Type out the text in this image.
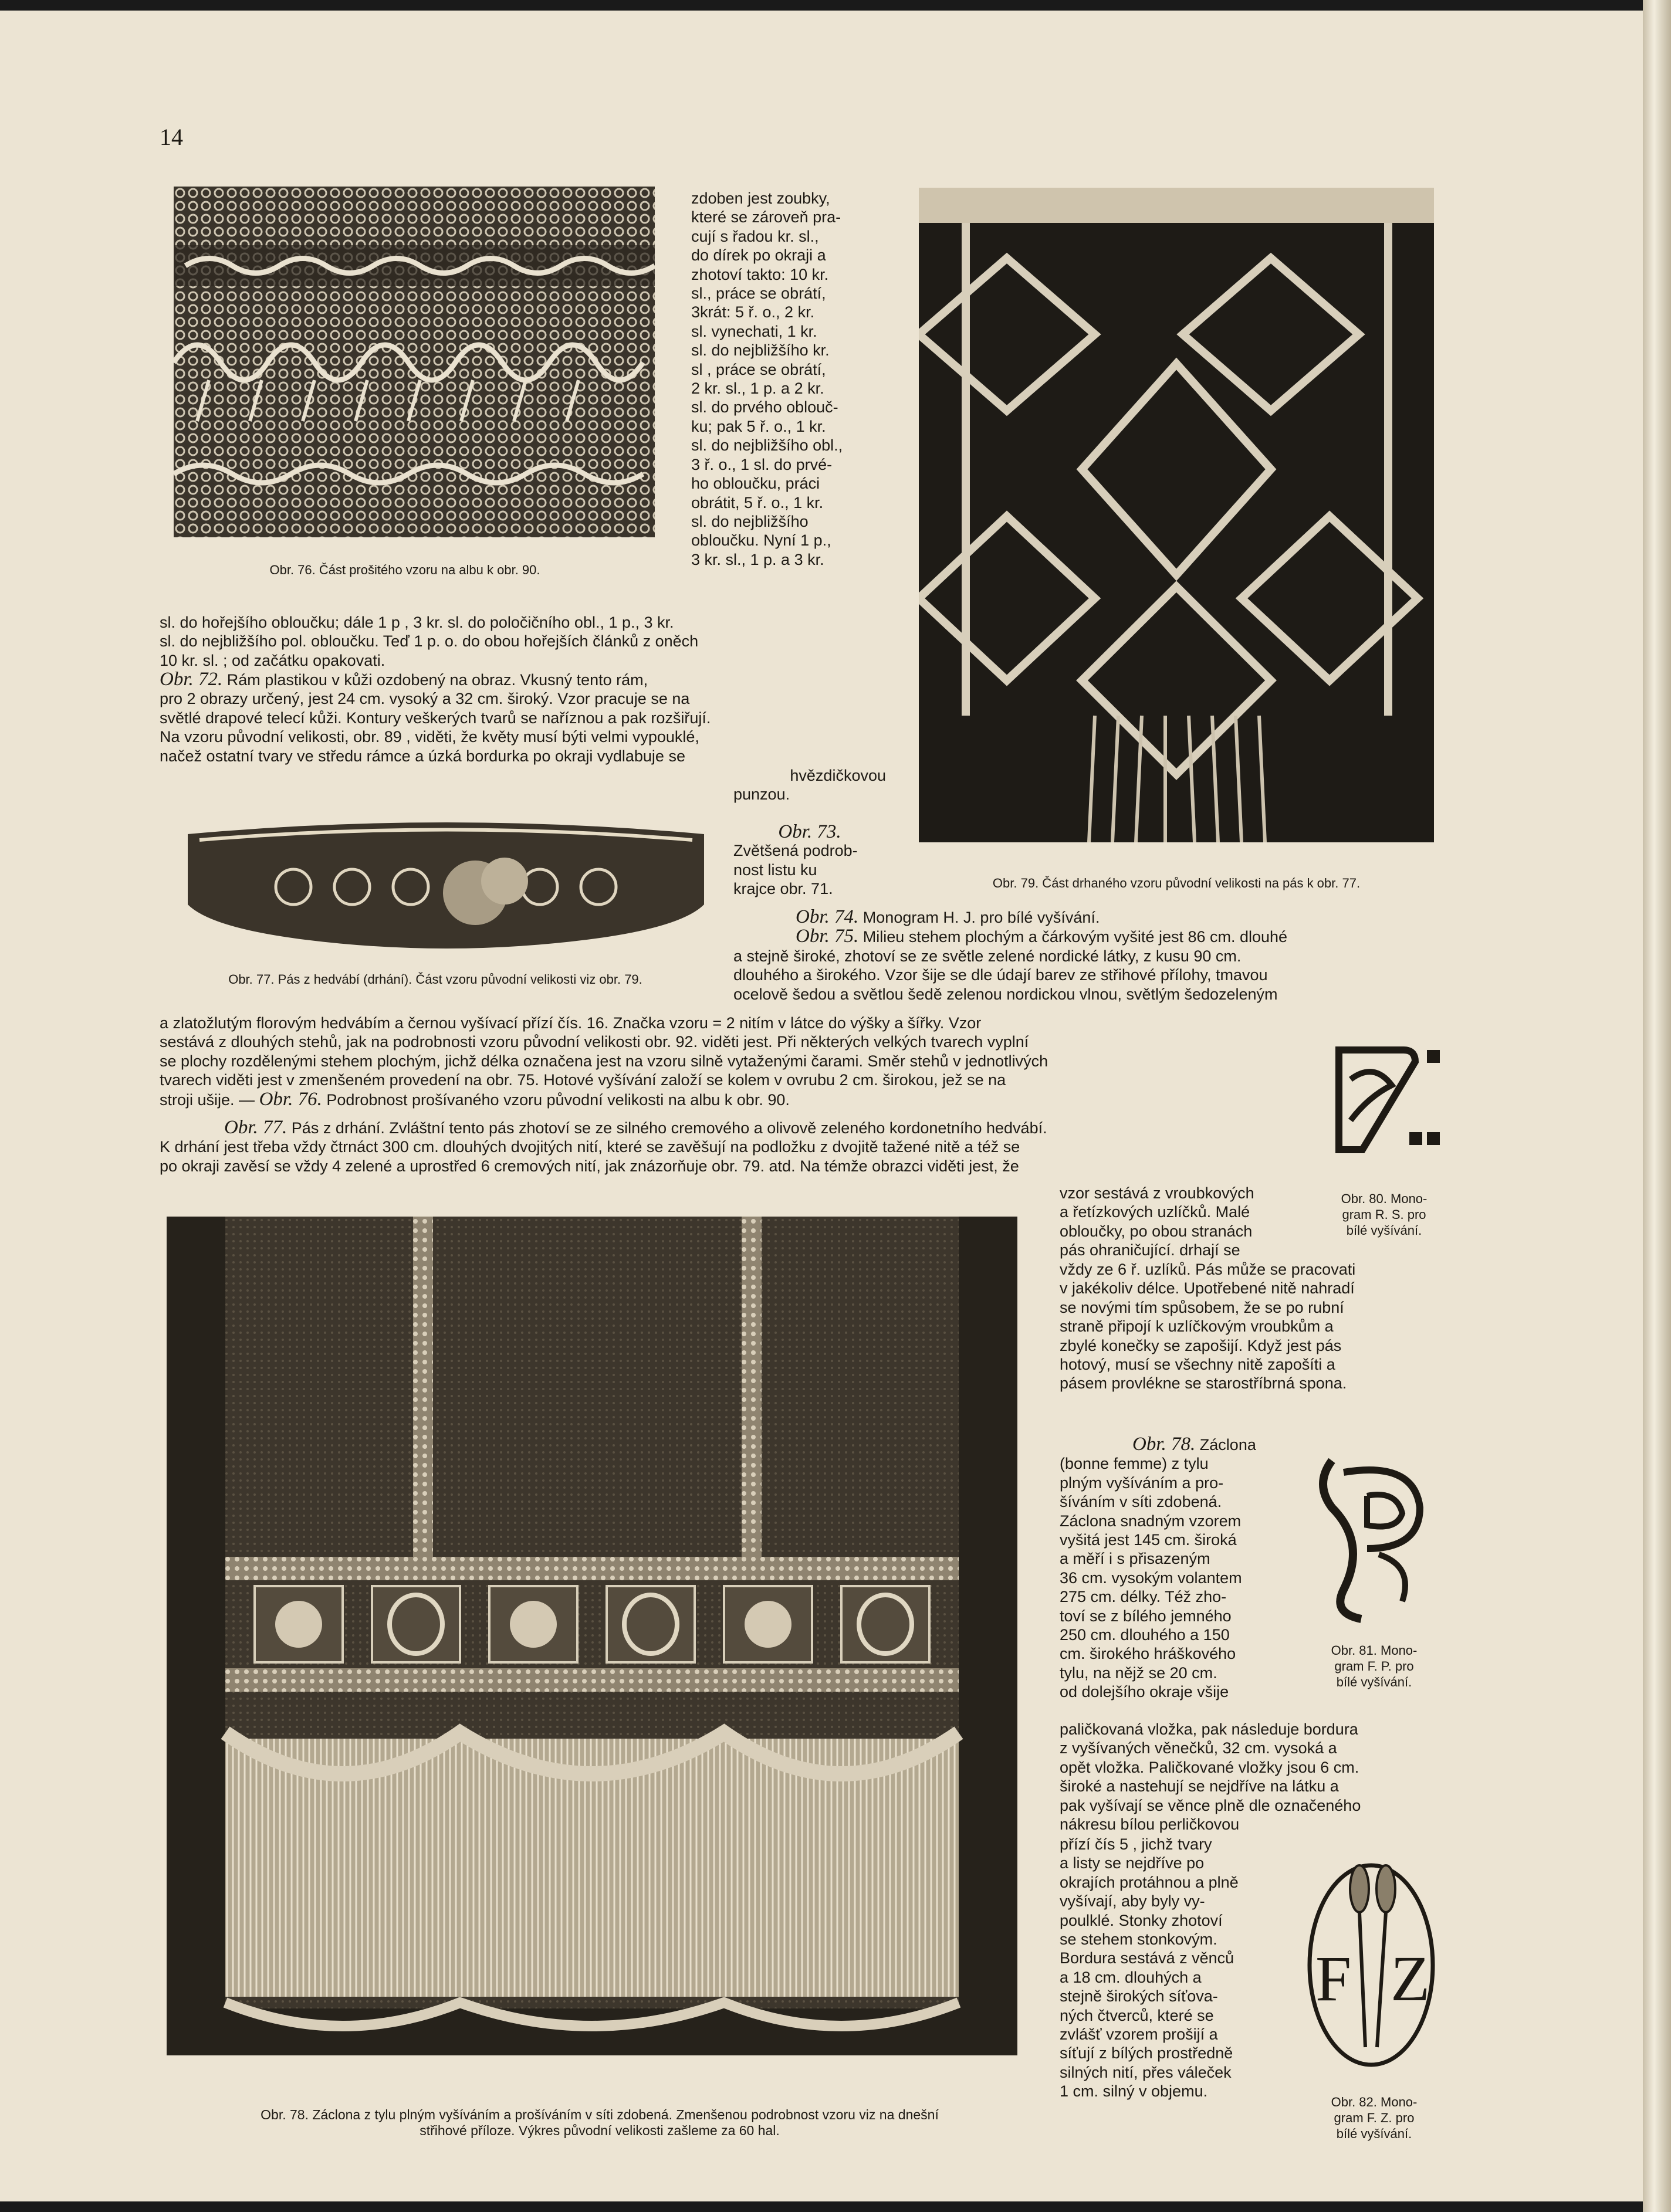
14
Obr. 76. Část prošitého vzoru na albu k obr. 90.
zdoben jest zoubky,
které se zároveň pra-
cují s řadou kr. sl.,
do dírek po okraji a
zhotoví takto: 10 kr.
sl., práce se obrátí,
3krát: 5 ř. o., 2 kr.
sl. vynechati, 1 kr.
sl. do nejbližšího kr.
sl , práce se obrátí,
2 kr. sl., 1 p. a 2 kr.
sl. do prvého oblouč-
ku; pak 5 ř. o., 1 kr.
sl. do nejbližšího obl.,
3 ř. o., 1 sl. do prvé-
ho obloučku, práci
obrátit, 5 ř. o., 1 kr.
sl. do nejbližšího
obloučku. Nyní 1 p.,
3 kr. sl., 1 p. a 3 kr.
Obr. 79. Část drhaného vzoru původní velikosti na pás k obr. 77.
sl. do hořejšího obloučku; dále 1 p , 3 kr. sl. do poločičního obl., 1 p., 3 kr.
sl. do nejbližšího pol. obloučku. Teď 1 p. o. do obou hořejších článků z oněch
10 kr. sl. ; od začátku opakovati.
Obr. 72. Rám plastikou v kůži ozdobený na obraz. Vkusný tento rám,
pro 2 obrazy určený, jest 24 cm. vysoký a 32 cm. široký. Vzor pracuje se na
světlé drapové telecí kůži. Kontury veškerých tvarů se naříznou a pak rozšiřují.
Na vzoru původní velikosti, obr. 89 , viděti, že květy musí býti velmi vypouklé,
načež ostatní tvary ve středu rámce a úzká bordurka po okraji vydlabuje se
hvězdičkovou
punzou.
Obr. 77. Pás z hedvábí (drhání). Část vzoru původní velikosti viz obr. 79.
Obr. 73.
Zvětšená podrob-
nost listu ku
krajce obr. 71.
Obr. 74. Monogram H. J. pro bílé vyšívání.
Obr. 75. Milieu stehem plochým a čárkovým vyšité jest 86 cm. dlouhé
a stejně široké, zhotoví se ze světle zelené nordické látky, z kusu 90 cm.
dlouhého a širokého. Vzor šije se dle údají barev ze střihové přílohy, tmavou
ocelově šedou a světlou šedě zelenou nordickou vlnou, světlým šedozeleným
a zlatožlutým florovým hedvábím a černou vyšívací přízí čís. 16. Značka vzoru = 2 nitím v látce do výšky a šířky. Vzor
sestává z dlouhých stehů, jak na podrobnosti vzoru původní velikosti obr. 92. viděti jest. Při některých velkých tvarech vyplní
se plochy rozdělenými stehem plochým, jichž délka označena jest na vzoru silně vytaženými čarami. Směr stehů v jednotlivých
tvarech viděti jest v zmenšeném provedení na obr. 75. Hotové vyšívání založí se kolem v ovrubu 2 cm. širokou, jež se na
stroji ušije. — Obr. 76. Podrobnost prošívaného vzoru původní velikosti na albu k obr. 90.
Obr. 77. Pás z drhání. Zvláštní tento pás zhotoví se ze silného cremového a olivově zeleného kordonetního hedvábí.
K drhání jest třeba vždy čtrnáct 300 cm. dlouhých dvojitých nití, které se zavěšují na podložku z dvojitě tažené nitě a též se
po okraji zavěsí se vždy 4 zelené a uprostřed 6 cremových nití, jak znázorňuje obr. 79. atd. Na témže obrazci viděti jest, že
vzor sestává z vroubkových
a řetízkových uzlíčků. Malé
obloučky, po obou stranách
pás ohraničující. drhají se
vždy ze 6 ř. uzlíků. Pás může se pracovati
v jakékoliv délce. Upotřebené nitě nahradí
se novými tím spůsobem, že se po rubní
straně připojí k uzlíčkovým vroubkům a
zbylé konečky se zapošijí. Když jest pás
hotový, musí se všechny nitě zapošíti a
pásem provlékne se starostříbrná spona.
Obr. 80. Mono-
gram R. S. pro
bílé vyšívání.
Obr. 78. Záclona z tylu plným vyšíváním a prošíváním v síti zdobená. Zmenšenou podrobnost vzoru viz na dnešní
střihové příloze. Výkres původní velikosti zašleme za 60 hal.
Obr. 78. Záclona
(bonne femme) z tylu
plným vyšíváním a pro-
šíváním v síti zdobená.
Záclona snadným vzorem
vyšitá jest 145 cm. široká
a měří i s přisazeným
36 cm. vysokým volantem
275 cm. délky. Též zho-
toví se z bílého jemného
250 cm. dlouhého a 150
cm. širokého hráškového
tylu, na nějž se 20 cm.
od dolejšího okraje všije
paličkovaná vložka, pak následuje bordura
z vyšívaných věnečků, 32 cm. vysoká a
opět vložka. Paličkované vložky jsou 6 cm.
široké a nastehují se nejdříve na látku a
pak vyšívají se věnce plně dle označeného
nákresu bílou perličkovou
přízí čís 5 , jichž tvary
a listy se nejdříve po
okrajích protáhnou a plně
vyšívají, aby byly vy-
poulklé. Stonky zhotoví
se stehem stonkovým.
Bordura sestává z věnců
a 18 cm. dlouhých a
stejně širokých síťova-
ných čtverců, které se
zvlášť vzorem prošijí a
síťují z bílých prostředně
silných nití, přes váleček
1 cm. silný v objemu.
Obr. 81. Mono-
gram F. P. pro
bílé vyšívání.
F Z
Obr. 82. Mono-
gram F. Z. pro
bílé vyšívání.
